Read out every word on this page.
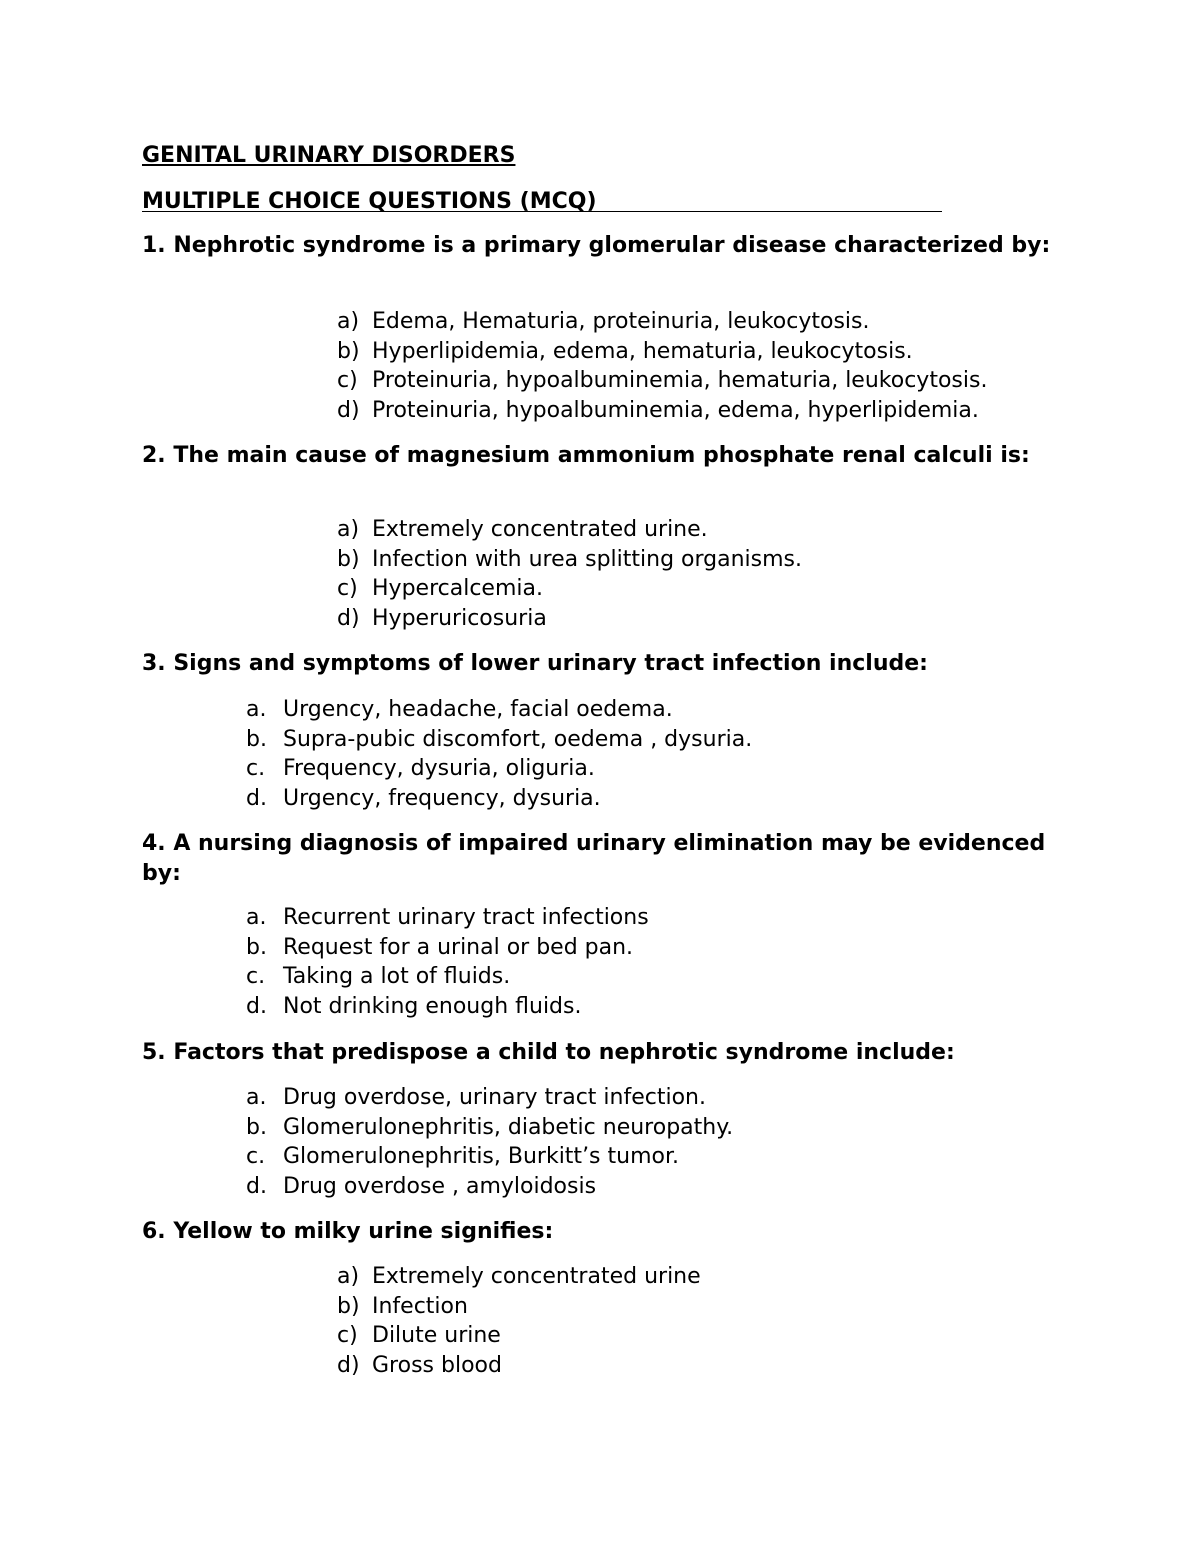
GENITAL URINARY DISORDERS
MULTIPLE CHOICE QUESTIONS (MCQ)

1. Nephrotic syndrome is a primary glomerular disease characterized by:

a) Edema, Hematuria, proteinuria, leukocytosis.
b) Hyperlipidemia, edema, hematuria, leukocytosis.
c) Proteinuria, hypoalbuminemia, hematuria, leukocytosis.
d) Proteinuria, hypoalbuminemia, edema, hyperlipidemia.

2. The main cause of magnesium ammonium phosphate renal calculi is:

a) Extremely concentrated urine.
b) Infection with urea splitting organisms.
c) Hypercalcemia.
d) Hyperuricosuria

3. Signs and symptoms of lower urinary tract infection include:

a. Urgency, headache, facial oedema.
b. Supra-pubic discomfort, oedema , dysuria.
c. Frequency, dysuria, oliguria.
d. Urgency, frequency, dysuria.

4. A nursing diagnosis of impaired urinary elimination may be evidenced by:

a. Recurrent urinary tract infections
b. Request for a urinal or bed pan.
c. Taking a lot of fluids.
d. Not drinking enough fluids.

5. Factors that predispose a child to nephrotic syndrome include:

a. Drug overdose, urinary tract infection.
b. Glomerulonephritis, diabetic neuropathy.
c. Glomerulonephritis, Burkitt’s tumor.
d. Drug overdose , amyloidosis

6. Yellow to milky urine signifies:

a) Extremely concentrated urine
b) Infection
c) Dilute urine
d) Gross blood
